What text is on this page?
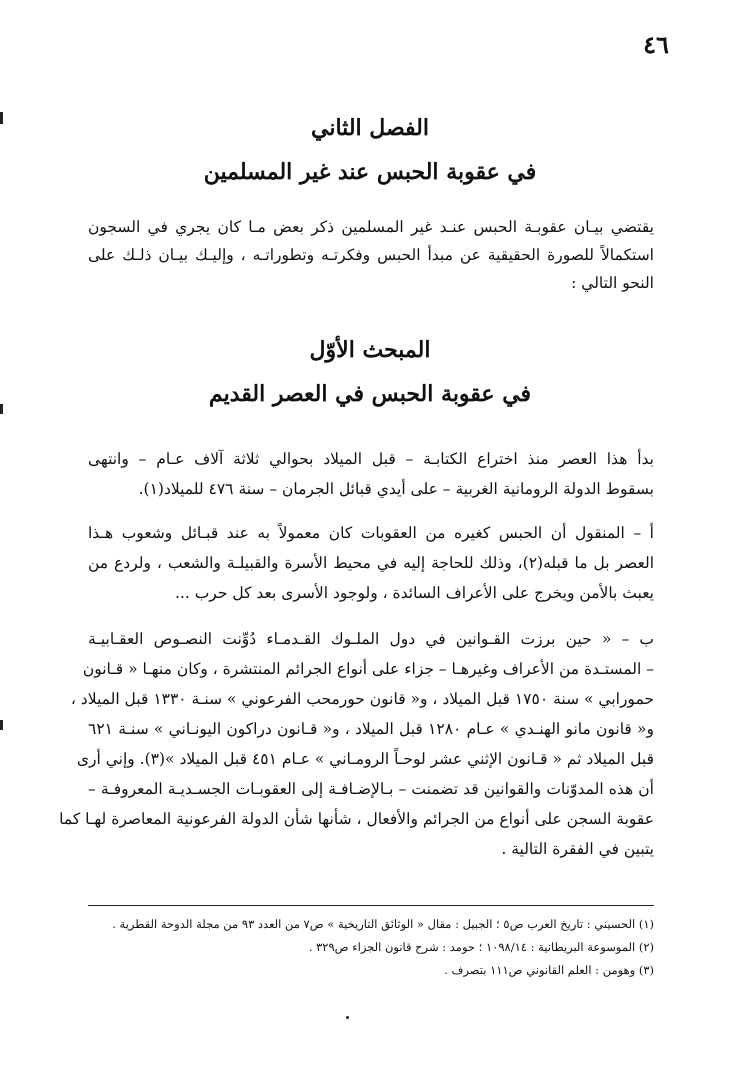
٤٦
الفصل الثاني
في عقوبة الحبس عند غير المسلمين
يقتضي بيـان عقوبـة الحبس عنـد غير المسلمين ذكر بعض مـا كان يجري في السجون
استكمالاً للصورة الحقيقية عن مبدأ الحبس وفكرتـه وتطوراتـه ، وإليـك بيـان ذلـك على
النحو التالي :
المبحث الأوّل
في عقوبة الحبس في العصر القديم
بدأ هذا العصر منذ اختراع الكتابـة – قبل الميلاد بحوالي ثلاثة آلاف عـام – وانتهى
بسقوط الدولة الرومانية الغربية – على أيدي قبائل الجرمان – سنة ٤٧٦ للميلاد(١).
أ – المنقول أن الحبس كغيره من العقوبات كان معمولاً به عند قبـائل وشعوب هـذا
العصر بل ما قبله(٢)، وذلك للحاجة إليه في محيط الأسرة والقبيلـة والشعب ، ولردع من
يعبث بالأمن ويخرج على الأعراف السائدة ، ولوجود الأسرى بعد كل حرب ...
ب – « حين برزت القـوانين في دول الملـوك القـدمـاء دُوِّنت النصـوص العقـابيـة
– المستـدة من الأعراف وغيرهـا – جزاء على أنواع الجرائم المنتشرة ، وكان منهـا « قـانون
حمورابي » سنة ١٧٥٠ قبل الميلاد ، و« قانون حورمحب الفرعوني » سنـة ١٣٣٠ قبل الميلاد ،
و« قانون مانو الهنـدي » عـام ١٢٨٠ قبل الميلاد ، و« قـانون دراكون اليونـاني » سنـة ٦٢١
قبل الميلاد ثم « قـانون الإثني عشر لوحـاً الرومـاني » عـام ٤٥١ قبل الميلاد »(٣). وإني أرى
أن هذه المدوّنات والقوانين قد تضمنت – بـالإضـافـة إلى العقوبـات الجسـديـة المعروفـة –
عقوبة السجن على أنواع من الجرائم والأفعال ، شأنها شأن الدولة الفرعونية المعاصرة لهـا كما
يتبين في الفقرة التالية .
(١) الحسيني : تاريخ العرب ص٥ ؛ الجبيل : مقال « الوثائق التاريخية » ص٧ من العدد ٩٣ من مجلة الدوحة القطرية .
(٢) الموسوعة البريطانية : ١٠٩٨/١٤ ؛ حومد : شرح قانون الجزاء ص٣٢٩ .
(٣) وهومن : العلم القانوني ص١١١ بتصرف .
